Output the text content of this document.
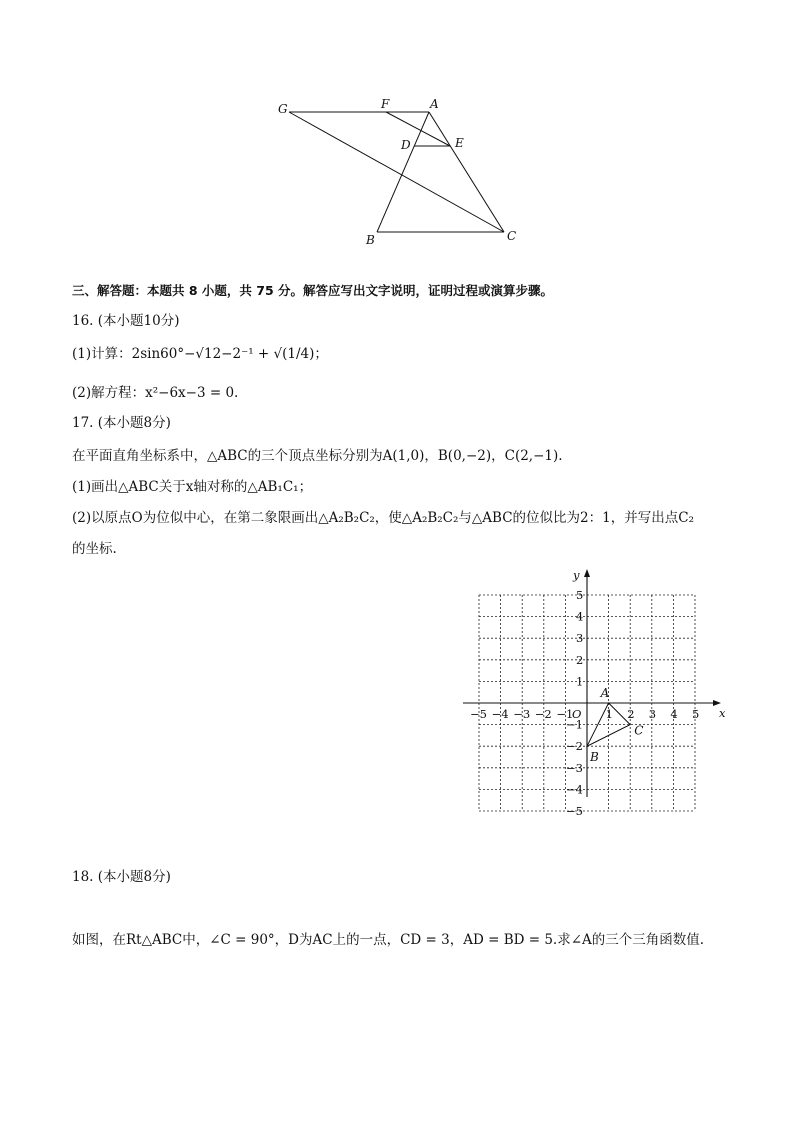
G	F	A
D	E
B	C
三、解答题：本题共 8 小题，共 75 分。解答应写出文字说明，证明过程或演算步骤。
16. (本小题10分)
(1)计算：2sin60°−√12−2⁻¹ + √(1/4)；
(2)解方程：x²−6x−3 = 0.
17. (本小题8分)
在平面直角坐标系中，△ABC的三个顶点坐标分别为A(1,0)，B(0,−2)，C(2,−1).
(1)画出△ABC关于x轴对称的△AB₁C₁；
(2)以原点O为位似中心，在第二象限画出△A₂B₂C₂，使△A₂B₂C₂与△ABC的位似比为2：1，并写出点C₂
的坐标.
x
y
O
−5 −4 −3 −2 −1	1 2 3 4 5
5
4
3
2
1
−1
−2
−3
−4
−5
A
B
C
18. (本小题8分)
如图，在Rt△ABC中，∠C = 90°，D为AC上的一点，CD = 3，AD = BD = 5.求∠A的三个三角函数值.
